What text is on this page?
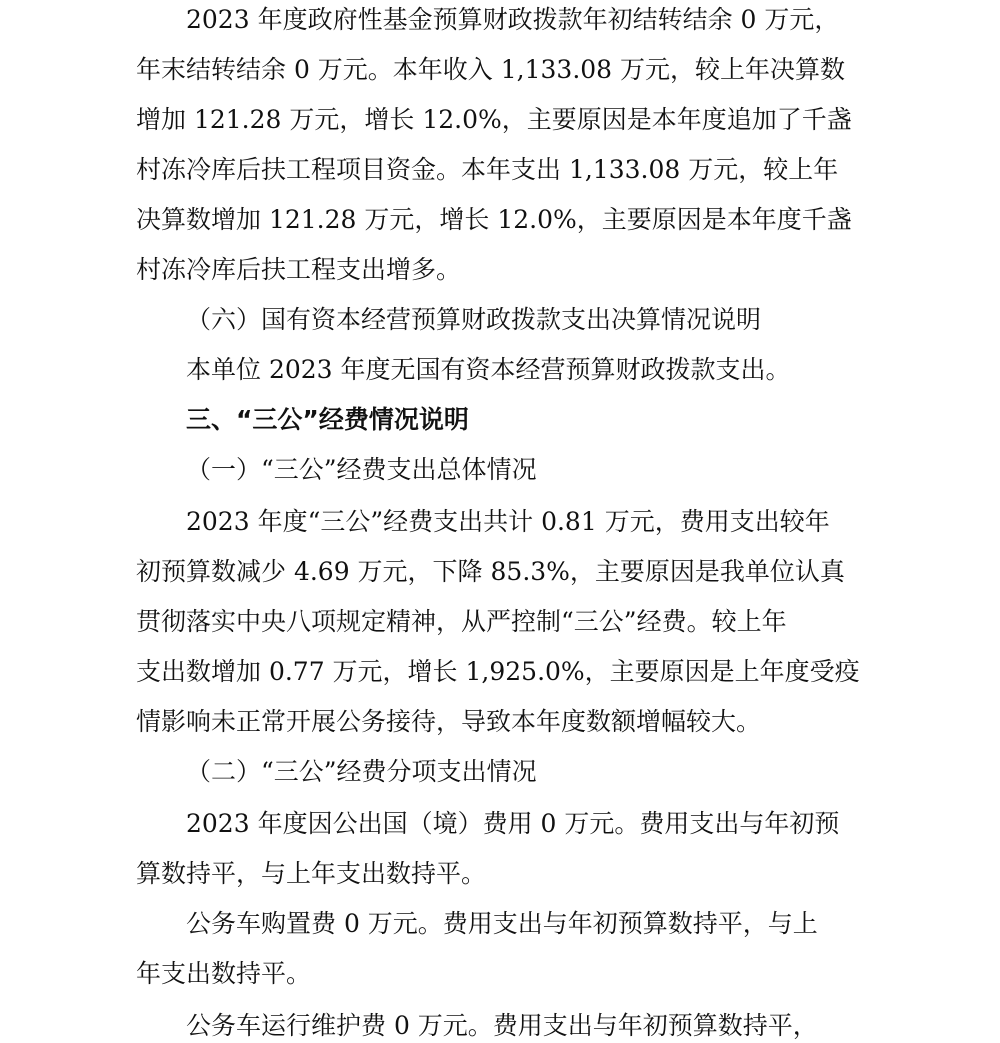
2023 年度政府性基金预算财政拨款年初结转结余 0 万元，
年末结转结余 0 万元。本年收入 1,133.08 万元，较上年决算数
增加 121.28 万元，增长 12.0%，主要原因是本年度追加了千盏
村冻冷库后扶工程项目资金。本年支出 1,133.08 万元，较上年
决算数增加 121.28 万元，增长 12.0%，主要原因是本年度千盏
村冻冷库后扶工程支出增多。
（六）国有资本经营预算财政拨款支出决算情况说明
本单位 2023 年度无国有资本经营预算财政拨款支出。
三、“三公”经费情况说明
（一）“三公”经费支出总体情况
2023 年度“三公”经费支出共计 0.81 万元，费用支出较年
初预算数减少 4.69 万元，下降 85.3%，主要原因是我单位认真
贯彻落实中央八项规定精神，从严控制“三公”经费。较上年
支出数增加 0.77 万元，增长 1,925.0%，主要原因是上年度受疫
情影响未正常开展公务接待，导致本年度数额增幅较大。
（二）“三公”经费分项支出情况
2023 年度因公出国（境）费用 0 万元。费用支出与年初预
算数持平，与上年支出数持平。
公务车购置费 0 万元。费用支出与年初预算数持平，与上
年支出数持平。
公务车运行维护费 0 万元。费用支出与年初预算数持平，
